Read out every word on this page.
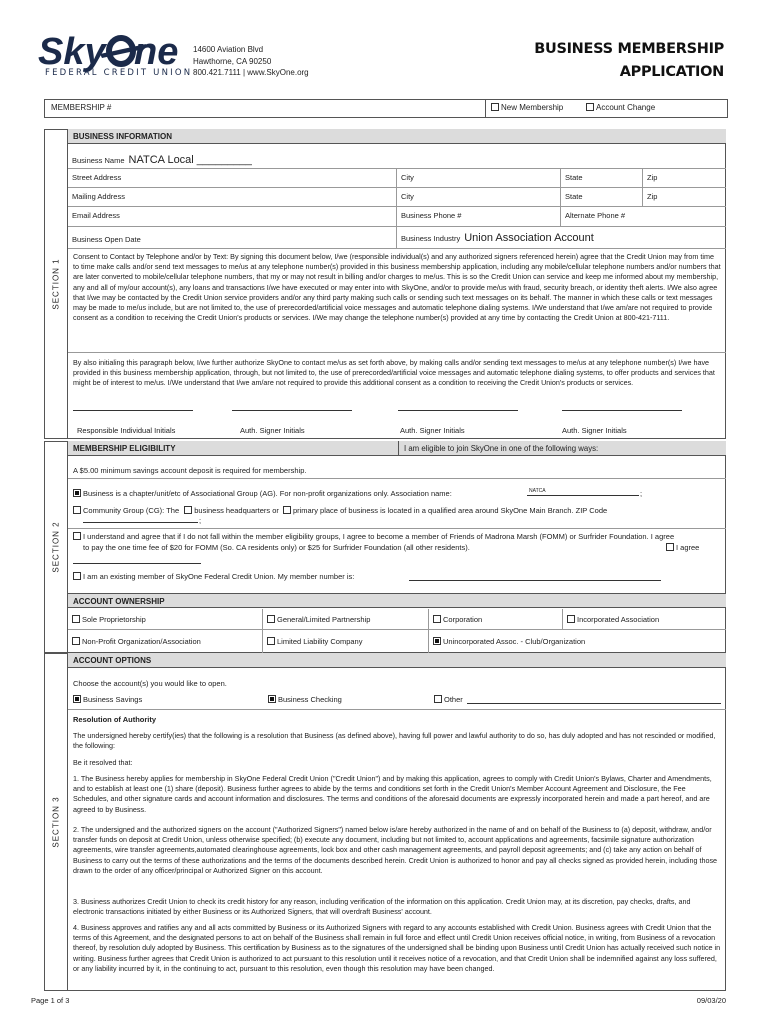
Sky ne
FEDERAL CREDIT UNION
14600 Aviation Blvd
Hawthorne, CA 90250
800.421.7111 | www.SkyOne.org
BUSINESS MEMBERSHIP
APPLICATION
MEMBERSHIP #	New Membership	Account Change
SECTION 1
BUSINESS INFORMATION
Business Name NATCA Local _________
Street Address	City	State	Zip
Mailing Address	City	State	Zip
Email Address	Business Phone #	Alternate Phone #
Business Open Date	Business Industry Union Association Account
Consent to Contact by Telephone and/or by Text: By signing this document below, I/we (responsible individual(s) and any authorized signers referenced herein) agree that the Credit Union may from time to time make calls and/or send text messages to me/us at any telephone number(s) provided in this business membership application, including any mobile/cellular telephone numbers and/or numbers that are later converted to mobile/cellular telephone numbers, that my or may not result in billing and/or charges to me/us. This is so the Credit Union can service and keep me informed about my membership, any and all of my/our account(s), any loans and transactions I/we have executed or may enter into with SkyOne, and/or to provide me/us with fraud, security breach, or identity theft alerts. I/We also agree that I/we may be contacted by the Credit Union service providers and/or any third party making such calls or sending such text messages on its behalf. The manner in which these calls or text messages may be made to me/us include, but are not limited to, the use of prerecorded/artificial voice messages and automatic telephone dialing systems. I/We understand that I/we am/are not required to provide consent as a condition to receiving the Credit Union's products or services. I/We may change the telephone number(s) provided at any time by contacting the Credit Union at 800-421-7111.
By also initialing this paragraph below, I/we further authorize SkyOne to contact me/us as set forth above, by making calls and/or sending text messages to me/us at any telephone number(s) I/we have provided in this business membership application, through, but not limited to, the use of prerecorded/artificial voice messages and automatic telephone dialing systems, to offer products and services that might be of interest to me/us. I/We understand that I/we am/are not required to provide this additional consent as a condition to receiving the Credit Union's products or services.
Responsible Individual Initials	Auth. Signer Initials	Auth. Signer Initials	Auth. Signer Initials
SECTION 2
MEMBERSHIP ELIGIBILITY	I am eligible to join SkyOne in one of the following ways:
A $5.00 minimum savings account deposit is required for membership.
Business is a chapter/unit/etc of Associational Group (AG). For non-profit organizations only. Association name:	NATCA	;
Community Group (CG): The business headquarters or primary place of business is located in a qualified area around SkyOne Main Branch. ZIP Code
;
I understand and agree that if I do not fall within the member eligibility groups, I agree to become a member of Friends of Madrona Marsh (FOMM) or Surfrider Foundation. I agree to pay the one time fee of $20 for FOMM (So. CA residents only) or $25 for Surfrider Foundation (all other residents).	I agree
I am an existing member of SkyOne Federal Credit Union. My member number is:
ACCOUNT OWNERSHIP
Sole Proprietorship	General/Limited Partnership	Corporation	Incorporated Association
Non-Profit Organization/Association	Limited Liability Company	Unincorporated Assoc. - Club/Organization
SECTION 3
ACCOUNT OPTIONS
Choose the account(s) you would like to open.
Business Savings	Business Checking	Other
Resolution of Authority
The undersigned hereby certify(ies) that the following is a resolution that Business (as defined above), having full power and lawful authority to do so, has duly adopted and has not rescinded or modified, the following:
Be it resolved that:
1. The Business hereby applies for membership in SkyOne Federal Credit Union ("Credit Union") and by making this application, agrees to comply with Credit Union's Bylaws, Charter and Amendments, and to establish at least one (1) share (deposit). Business further agrees to abide by the terms and conditions set forth in the Credit Union's Member Account Agreement and Disclosure, the Fee Schedules, and other signature cards and account information and disclosures. The terms and conditions of the aforesaid documents are expressly incorporated herein and made a part hereof, and are agreed to by Business.
2. The undersigned and the authorized signers on the account ("Authorized Signers") named below is/are hereby authorized in the name of and on behalf of the Business to (a) deposit, withdraw, and/or transfer funds on deposit at Credit Union, unless otherwise specified; (b) execute any document, including but not limited to, account applications and agreements, facsimile signature authorization agreements, wire transfer agreements,automated clearinghouse agreements, lock box and other cash management agreements, and payroll deposit agreements; and (c) take any action on behalf of Business to carry out the terms of these authorizations and the terms of the documents described herein. Credit Union is authorized to honor and pay all checks signed as provided herein, including those drawn to the order of any officer/principal or Authorized Signer on this account.
3. Business authorizes Credit Union to check its credit history for any reason, including verification of the information on this application. Credit Union may, at its discretion, pay checks, drafts, and electronic transactions initiated by either Business or its Authorized Signers, that will overdraft Business' account.
4. Business approves and ratifies any and all acts committed by Business or its Authorized Signers with regard to any accounts established with Credit Union. Business agrees with Credit Union that the terms of this Agreement, and the designated persons to act on behalf of the Business shall remain in full force and effect until Credit Union receives official notice, in writing, from Business of a revocation thereof, by resolution duly adopted by Business. This certification by Business as to the signatures of the undersigned shall be binding upon Business until Credit Union has actually received such notice in writing. Business further agrees that Credit Union is authorized to act pursuant to this resolution until it receives notice of a revocation, and that Credit Union shall be indemnified against any loss suffered, or any liability incurred by it, in the continuing to act, pursuant to this resolution, even though this resolution may have been changed.
Page 1 of 3	09/03/20
